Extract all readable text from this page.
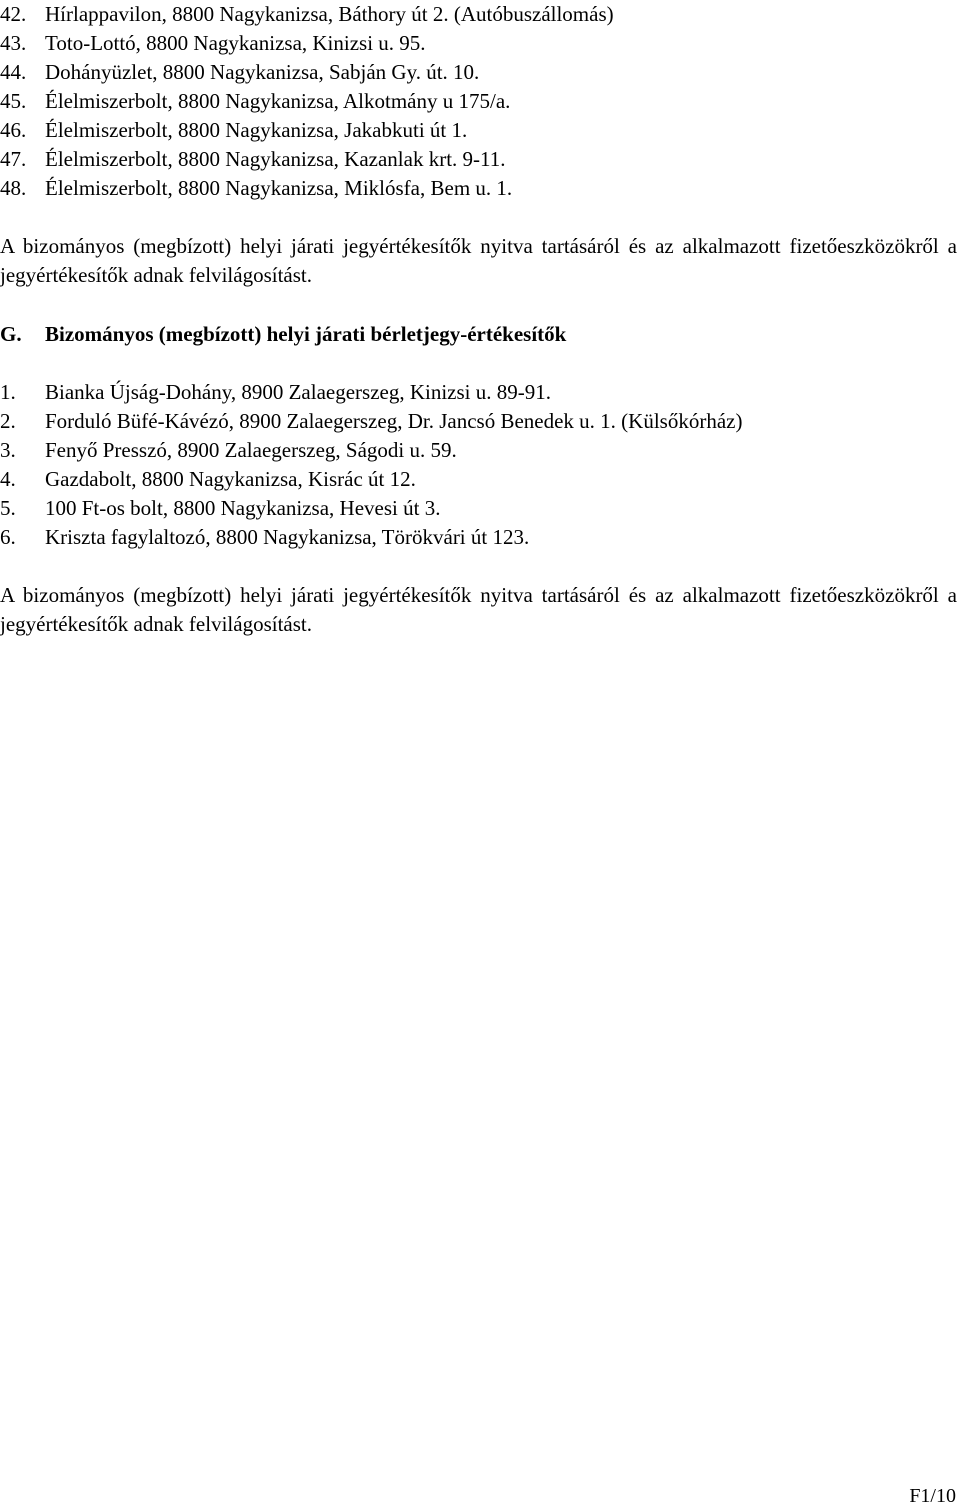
42. Hírlappavilon, 8800 Nagykanizsa, Báthory út 2. (Autóbuszállomás)
43. Toto-Lottó, 8800 Nagykanizsa, Kinizsi u. 95.
44. Dohányüzlet, 8800 Nagykanizsa, Sabján Gy. út. 10.
45. Élelmiszerbolt, 8800 Nagykanizsa, Alkotmány u 175/a.
46. Élelmiszerbolt, 8800 Nagykanizsa, Jakabkuti út 1.
47. Élelmiszerbolt, 8800 Nagykanizsa, Kazanlak krt. 9-11.
48. Élelmiszerbolt, 8800 Nagykanizsa, Miklósfa, Bem u. 1.

A bizományos (megbízott) helyi járati jegyértékesítők nyitva tartásáról és az alkalmazott fizetőeszközökről a jegyértékesítők adnak felvilágosítást.

G.	Bizományos (megbízott) helyi járati bérletjegy-értékesítők
1.	Bianka Újság-Dohány, 8900 Zalaegerszeg, Kinizsi u. 89-91.
2.	Forduló Büfé-Kávézó, 8900 Zalaegerszeg, Dr. Jancsó Benedek u. 1. (Külsőkórház)
3.	Fenyő Presszó, 8900 Zalaegerszeg, Ságodi u. 59.
4.	Gazdabolt, 8800 Nagykanizsa, Kisrác út 12.
5.	100 Ft-os bolt, 8800 Nagykanizsa, Hevesi út 3.
6.	Kriszta fagylaltozó, 8800 Nagykanizsa, Törökvári út 123.

A bizományos (megbízott) helyi járati jegyértékesítők nyitva tartásáról és az alkalmazott fizetőeszközökről a jegyértékesítők adnak felvilágosítást.

F1/10
